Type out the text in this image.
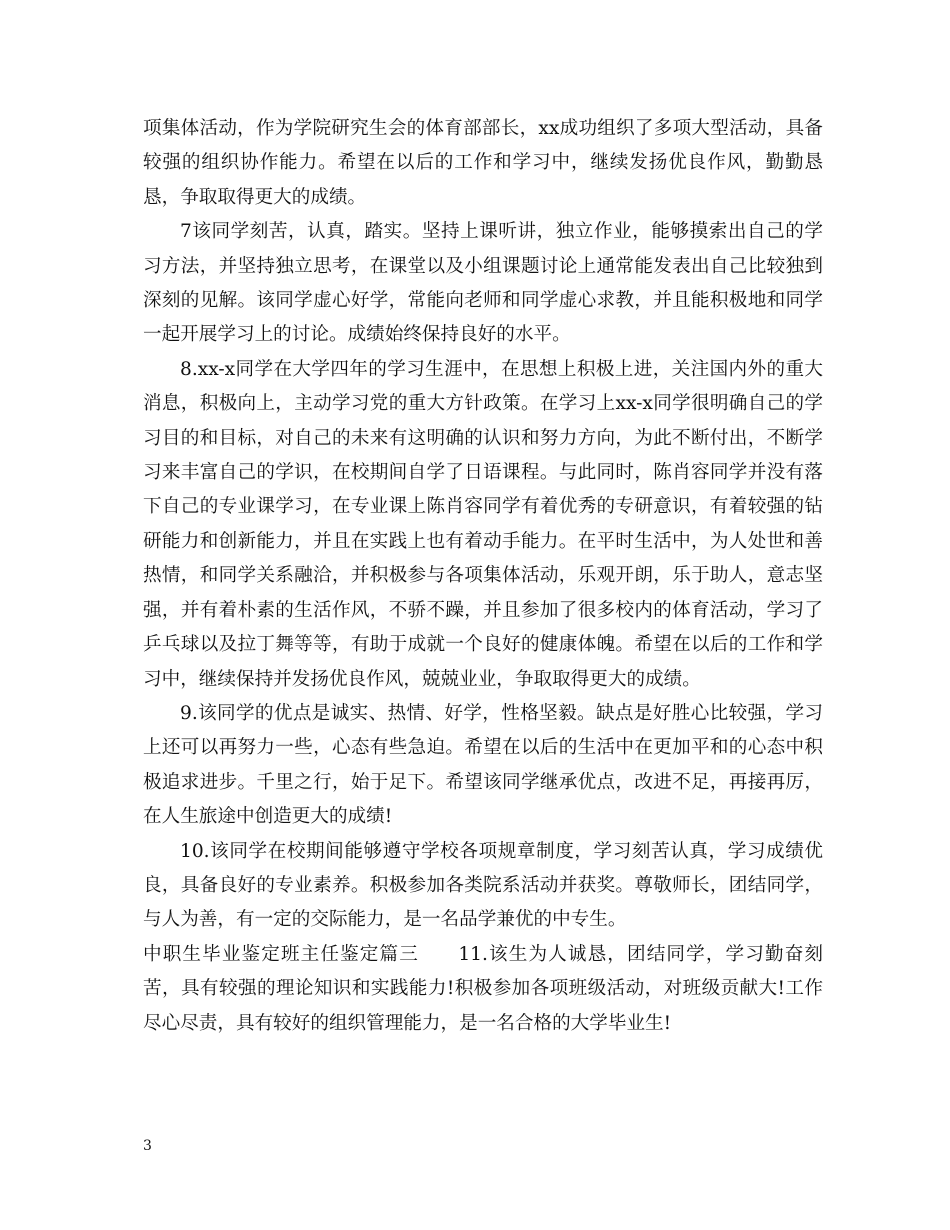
项集体活动，作为学院研究生会的体育部部长，xx成功组织了多项大型活动，具备较强的组织协作能力。希望在以后的工作和学习中，继续发扬优良作风，勤勤恳恳，争取取得更大的成绩。

7该同学刻苦，认真，踏实。坚持上课听讲，独立作业，能够摸索出自己的学习方法，并坚持独立思考，在课堂以及小组课题讨论上通常能发表出自己比较独到深刻的见解。该同学虚心好学，常能向老师和同学虚心求教，并且能积极地和同学一起开展学习上的讨论。成绩始终保持良好的水平。

8.xx-x同学在大学四年的学习生涯中，在思想上积极上进，关注国内外的重大消息，积极向上，主动学习党的重大方针政策。在学习上xx-x同学很明确自己的学习目的和目标，对自己的未来有这明确的认识和努力方向，为此不断付出，不断学习来丰富自己的学识，在校期间自学了日语课程。与此同时，陈肖容同学并没有落下自己的专业课学习，在专业课上陈肖容同学有着优秀的专研意识，有着较强的钻研能力和创新能力，并且在实践上也有着动手能力。在平时生活中，为人处世和善热情，和同学关系融洽，并积极参与各项集体活动，乐观开朗，乐于助人，意志坚强，并有着朴素的生活作风，不骄不躁，并且参加了很多校内的体育活动，学习了乒乓球以及拉丁舞等等，有助于成就一个良好的健康体魄。希望在以后的工作和学习中，继续保持并发扬优良作风，兢兢业业，争取取得更大的成绩。

9.该同学的优点是诚实、热情、好学，性格坚毅。缺点是好胜心比较强，学习上还可以再努力一些，心态有些急迫。希望在以后的生活中在更加平和的心态中积极追求进步。千里之行，始于足下。希望该同学继承优点，改进不足，再接再厉，在人生旅途中创造更大的成绩!

10.该同学在校期间能够遵守学校各项规章制度，学习刻苦认真，学习成绩优良，具备良好的专业素养。积极参加各类院系活动并获奖。尊敬师长，团结同学，与人为善，有一定的交际能力，是一名品学兼优的中专生。

中职生毕业鉴定班主任鉴定篇三　　11.该生为人诚恳，团结同学，学习勤奋刻苦，具有较强的理论知识和实践能力!积极参加各项班级活动，对班级贡献大!工作尽心尽责，具有较好的组织管理能力，是一名合格的大学毕业生!

3
